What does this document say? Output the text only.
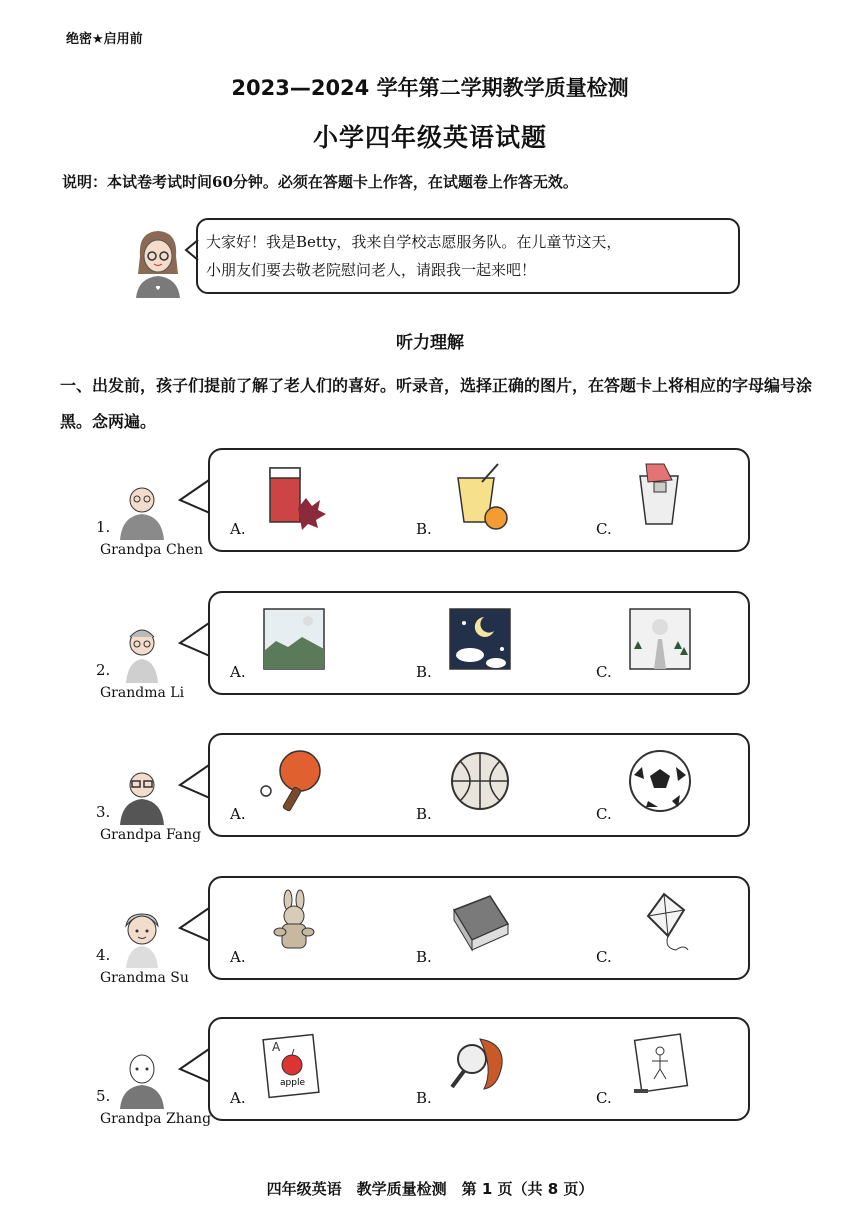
绝密★启用前
2023—2024 学年第二学期教学质量检测
小学四年级英语试题
说明：本试卷考试时间60分钟。必须在答题卡上作答，在试题卷上作答无效。
大家好！我是Betty，我来自学校志愿服务队。在儿童节这天，
小朋友们要去敬老院慰问老人，请跟我一起来吧！
听力理解
一、出发前，孩子们提前了解了老人们的喜好。听录音，选择正确的图片，在答题卡上将相应的字母编号涂黑。念两遍。
1.
Grandpa Chen
A.	B.	C.
2.
Grandma Li
A.	B.	C.
3.
Grandpa Fang
A.	B.	C.
4.
Grandma Su
A.	B.	C.
5.
Grandpa Zhang
A.
A
apple
B.	C.
四年级英语　教学质量检测　第 1 页（共 8 页）
